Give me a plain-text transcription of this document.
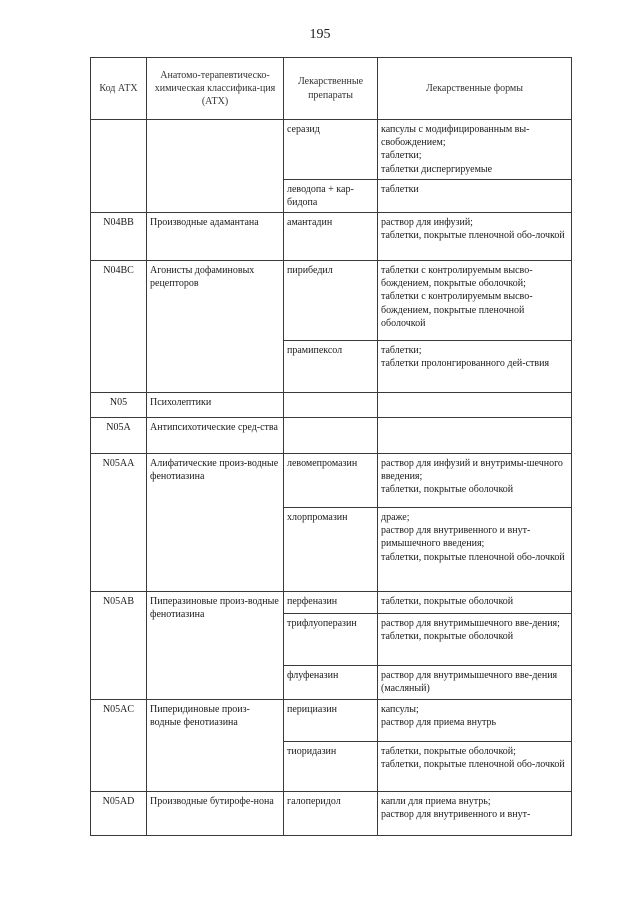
195
Код АТХ	Анатомо-терапевтическо-химическая классифика-ция (АТХ)	Лекарственные препараты	Лекарственные формы
		серазид	капсулы с модифицированным вы-свобождением;
таблетки;
таблетки диспергируемые

		леводопа + кар-бидопа	таблетки

N04BB	Производные адамантана	амантадин	раствор для инфузий;
таблетки, покрытые пленочной обо-лочкой

N04BC	Агонисты дофаминовых рецепторов	пирибедил	таблетки с контролируемым высво-бождением, покрытые оболочкой;
таблетки с контролируемым высво-бождением, покрытые пленочной оболочкой

		прамипексол	таблетки;
таблетки пролонгированного дей-ствия

N05	Психолептики		
N05A	Антипсихотические сред-ства		
N05AA	Алифатические произ-водные фенотиазина	левомепромазин	раствор для инфузий и внутримы-шечного введения;
таблетки, покрытые оболочкой

		хлорпромазин	драже;
раствор для внутривенного и внут-римышечного введения;
таблетки, покрытые пленочной обо-лочкой

N05AB	Пиперазиновые произ-водные фенотиазина	перфеназин	таблетки, покрытые оболочкой

		трифлуоперазин	раствор для внутримышечного вве-дения;
таблетки, покрытые оболочкой

		флуфеназин	раствор для внутримышечного вве-дения (масляный)

N05AC	Пиперидиновые произ-водные фенотиазина	перициазин	капсулы;
раствор для приема внутрь

		тиоридазин	таблетки, покрытые оболочкой;
таблетки, покрытые пленочной обо-лочкой

N05AD	Производные бутирофе-нона	галоперидол	капли для приема внутрь;
раствор для внутривенного и внут-
